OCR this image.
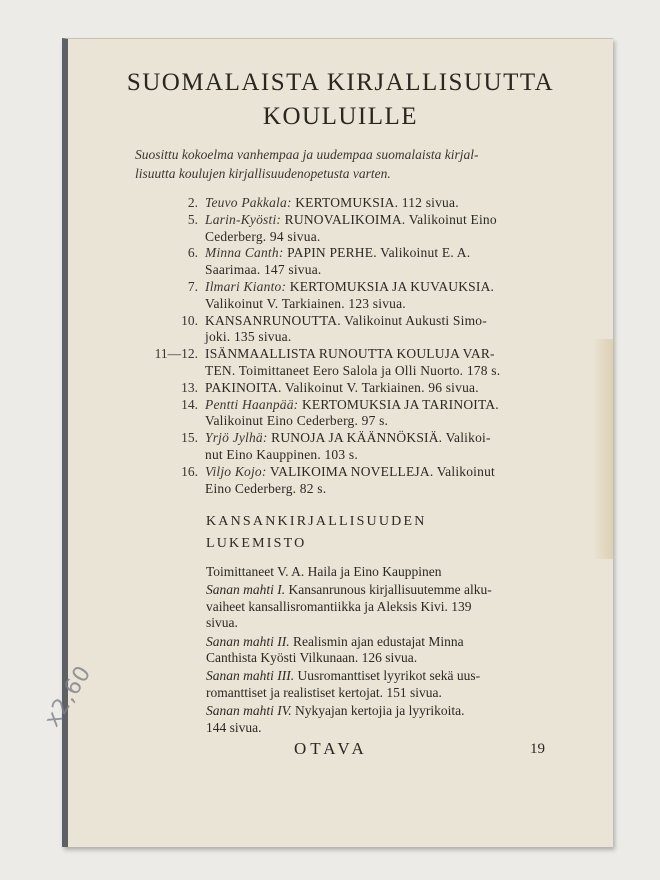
SUOMALAISTA KIRJALLISUUTTA
KOULUILLE
Suosittu kokoelma vanhempaa ja uudempaa suomalaista kirjal-
lisuutta koulujen kirjallisuudenopetusta varten.
2. Teuvo Pakkala: KERTOMUKSIA. 112 sivua.
5. Larin-Kyösti: RUNOVALIKOIMA. Valikoinut Eino
Cederberg. 94 sivua.
6. Minna Canth: PAPIN PERHE. Valikoinut E. A.
Saarimaa. 147 sivua.
7. Ilmari Kianto: KERTOMUKSIA JA KUVAUKSIA.
Valikoinut V. Tarkiainen. 123 sivua.
10. KANSANRUNOUTTA. Valikoinut Aukusti Simo-
joki. 135 sivua.
11—12. ISÄNMAALLISTA RUNOUTTA KOULUJA VAR-
TEN. Toimittaneet Eero Salola ja Olli Nuorto. 178 s.
13. PAKINOITA. Valikoinut V. Tarkiainen. 96 sivua.
14. Pentti Haanpää: KERTOMUKSIA JA TARINOITA.
Valikoinut Eino Cederberg. 97 s.
15. Yrjö Jylhä: RUNOJA JA KÄÄNNÖKSIÄ. Valikoi-
nut Eino Kauppinen. 103 s.
16. Viljo Kojo: VALIKOIMA NOVELLEJA. Valikoinut
Eino Cederberg. 82 s.
KANSANKIRJALLISUUDEN
LUKEMISTO
Toimittaneet V. A. Haila ja Eino Kauppinen
Sanan mahti I. Kansanrunous kirjallisuutemme alku-
vaiheet kansallisromantiikka ja Aleksis Kivi. 139
sivua.
Sanan mahti II. Realismin ajan edustajat Minna
Canthista Kyösti Vilkunaan. 126 sivua.
Sanan mahti III. Uusromanttiset lyyrikot sekä uus-
romanttiset ja realistiset kertojat. 151 sivua.
Sanan mahti IV. Nykyajan kertojia ja lyyrikoita.
144 sivua.
OTAVA	19
x2,60
